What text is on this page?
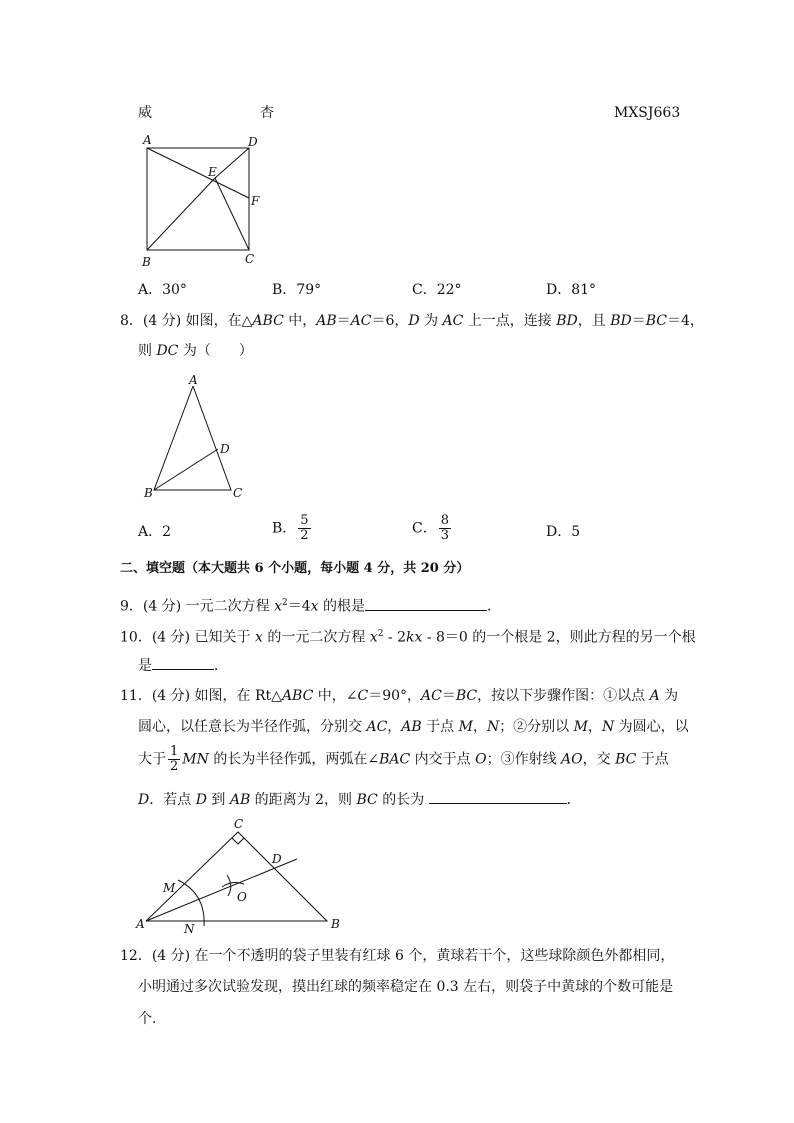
威	杏	MXSJ663
A	D
E
F
B	C
A．30°	B．79°	C．22°	D．81°
8．(4 分) 如图，在△ABC 中，AB＝AC＝6，D 为 AC 上一点，连接 BD，且 BD＝BC＝4，
则 DC 为（　　）
A
D
B	C
A．2	B． $\frac{5}{2}$	C． $\frac{8}{3}$	D．5
二、填空题（本大题共 6 个小题，每小题 4 分，共 20 分）
9．(4 分) 一元二次方程 $x^2=4x$ 的根是	．
10．(4 分) 已知关于 x 的一元二次方程 $x^2 - 2kx - 8=0$ 的一个根是 2，则此方程的另一个根
是	．
11．(4 分) 如图，在 Rt△ABC 中，∠C＝90°，AC＝BC，按以下步骤作图：①以点 A 为
圆心，以任意长为半径作弧，分别交 AC，AB 于点 M，N；②分别以 M，N 为圆心，以
大于 $\frac{1}{2}$ MN 的长为半径作弧，两弧在∠BAC 内交于点 O；③作射线 AO，交 BC 于点
D．若点 D 到 AB 的距离为 2，则 BC 的长为	．
C
D
M
O
A	N	B
12．(4 分) 在一个不透明的袋子里装有红球 6 个，黄球若干个，这些球除颜色外都相同，
小明通过多次试验发现，摸出红球的频率稳定在 0.3 左右，则袋子中黄球的个数可能是
个．
